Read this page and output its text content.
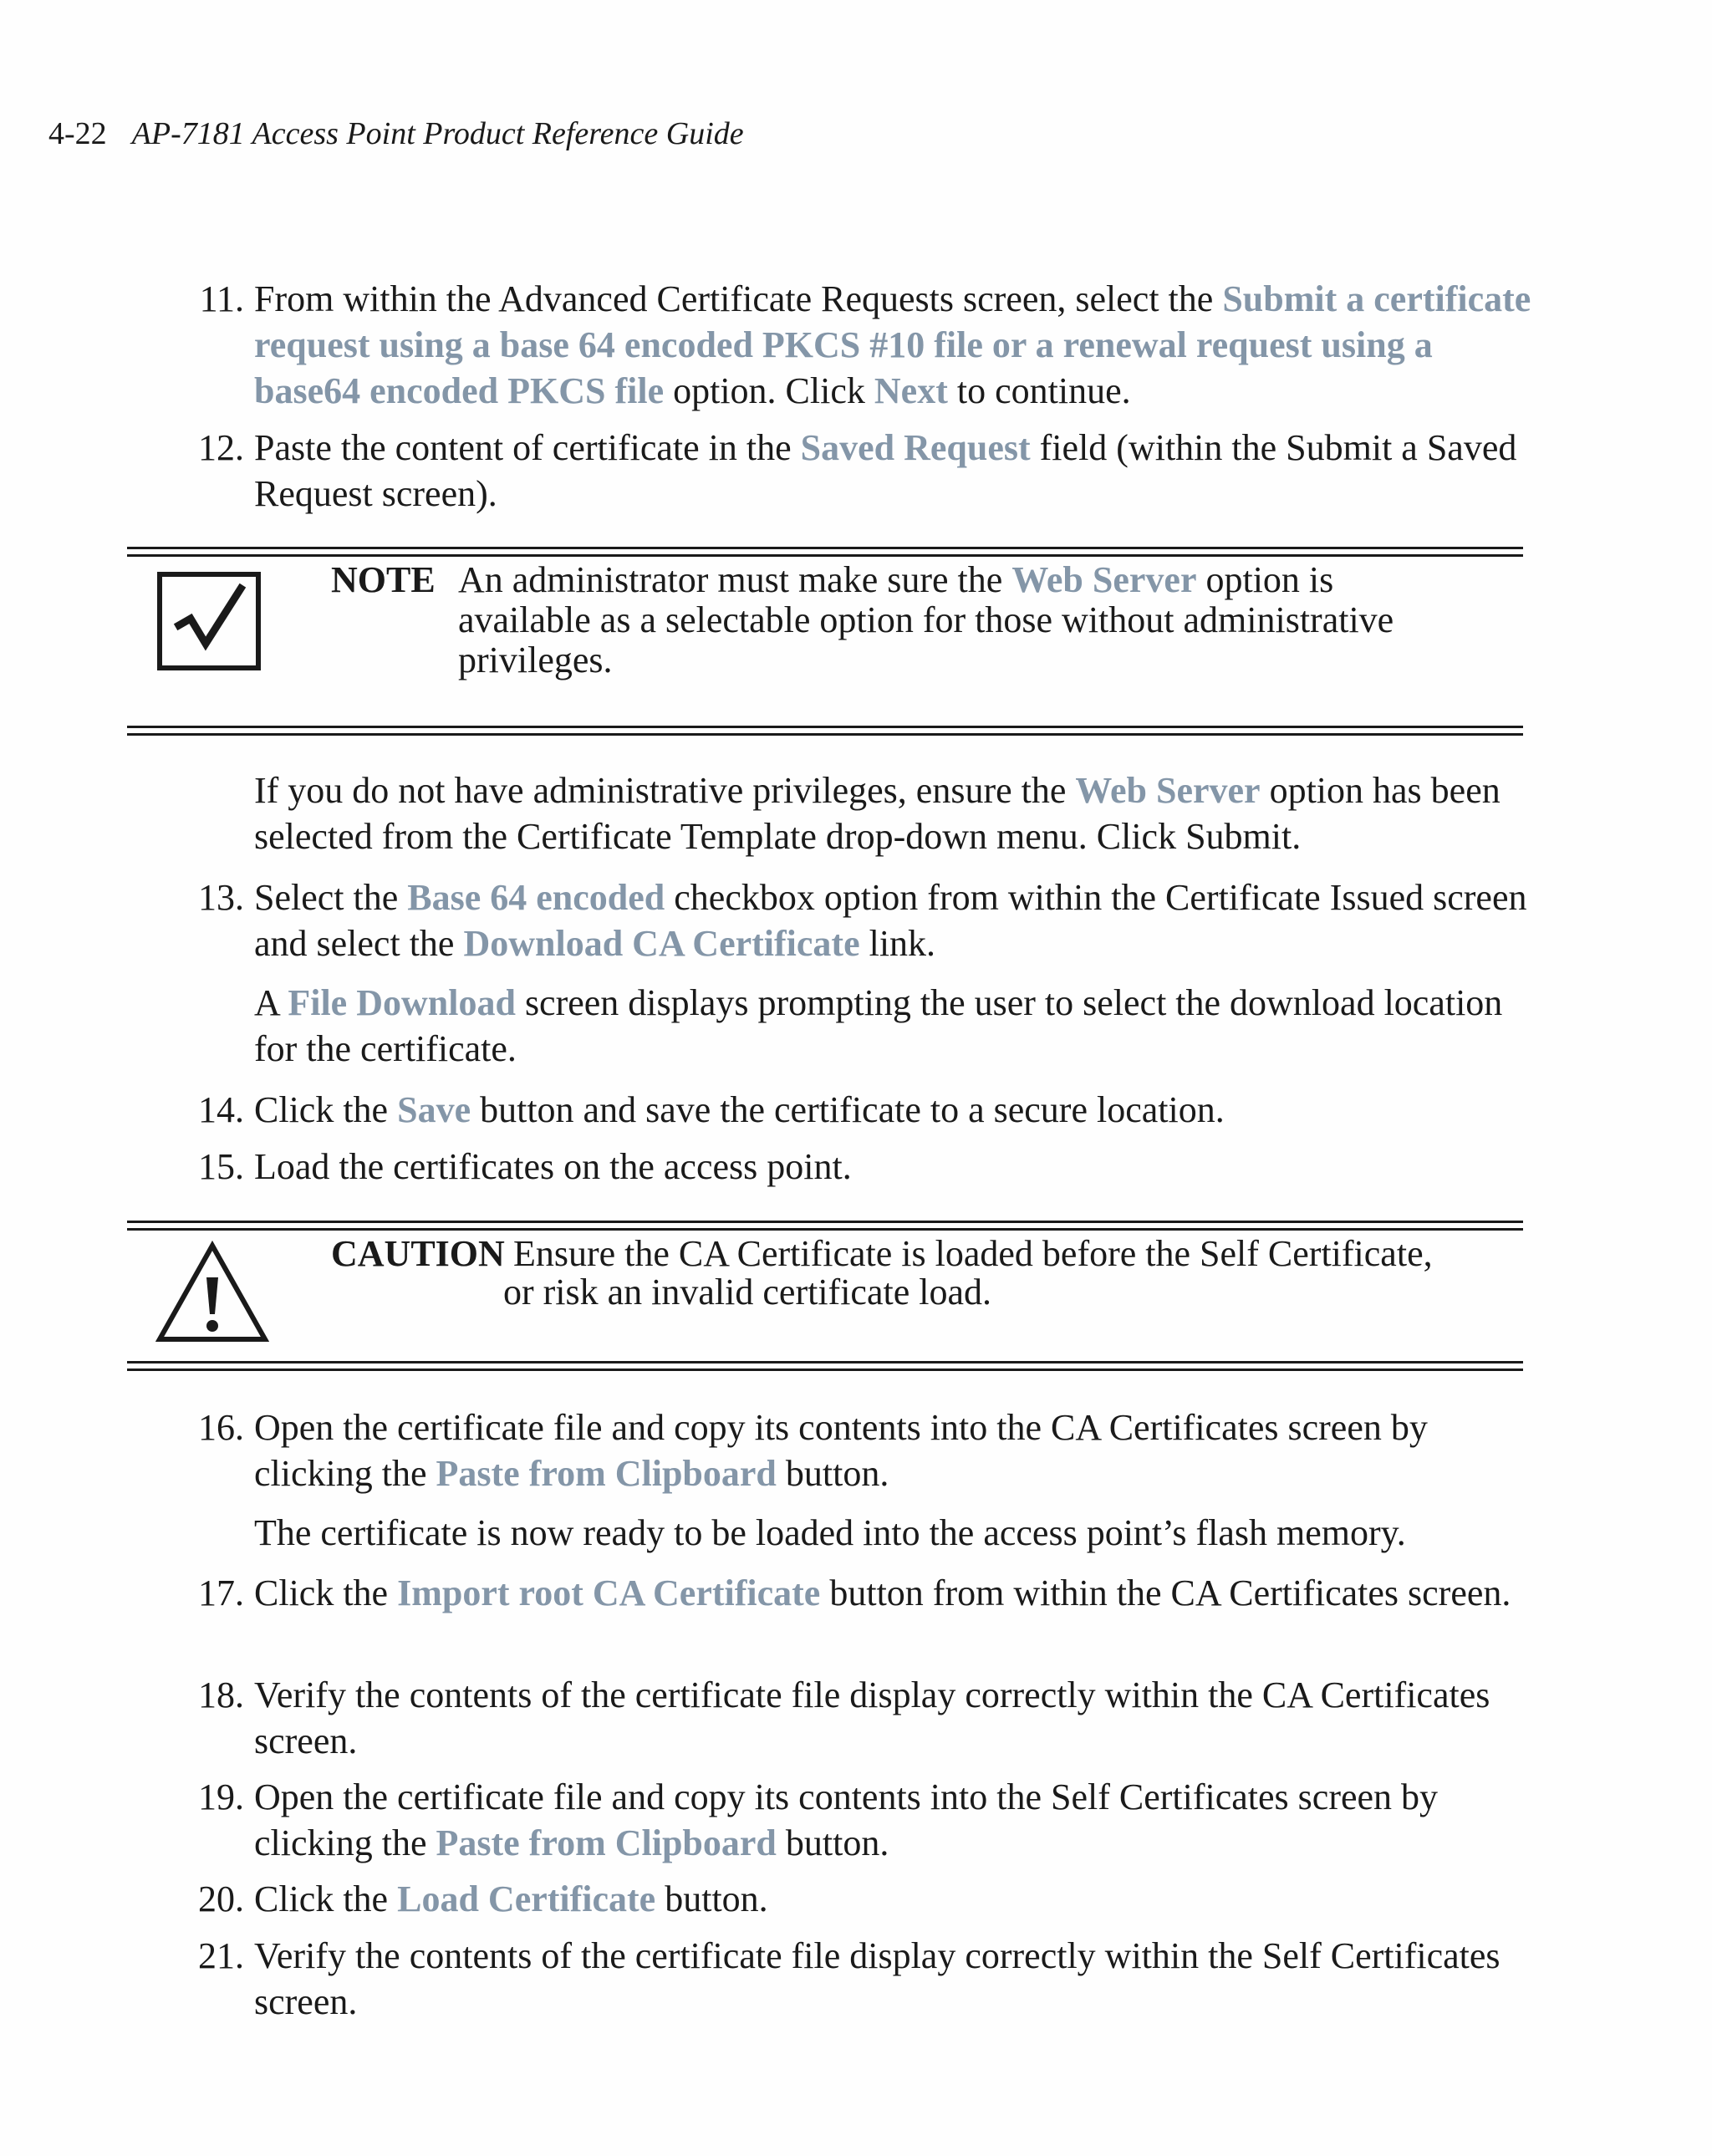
4-22 AP-7181 Access Point Product Reference Guide
11. From within the Advanced Certificate Requests screen, select the Submit a certificate request using a base 64 encoded PKCS #10 file or a renewal request using a base64 encoded PKCS file option. Click Next to continue.
12. Paste the content of certificate in the Saved Request field (within the Submit a Saved Request screen).
NOTE An administrator must make sure the Web Server option is available as a selectable option for those without administrative privileges.
If you do not have administrative privileges, ensure the Web Server option has been selected from the Certificate Template drop-down menu. Click Submit.
13. Select the Base 64 encoded checkbox option from within the Certificate Issued screen and select the Download CA Certificate link.
A File Download screen displays prompting the user to select the download location for the certificate.
14. Click the Save button and save the certificate to a secure location.
15. Load the certificates on the access point.
CAUTION Ensure the CA Certificate is loaded before the Self Certificate,
or risk an invalid certificate load.
16. Open the certificate file and copy its contents into the CA Certificates screen by clicking the Paste from Clipboard button.
The certificate is now ready to be loaded into the access point’s flash memory.
17. Click the Import root CA Certificate button from within the CA Certificates screen.
18. Verify the contents of the certificate file display correctly within the CA Certificates screen.
19. Open the certificate file and copy its contents into the Self Certificates screen by clicking the Paste from Clipboard button.
20. Click the Load Certificate button.
21. Verify the contents of the certificate file display correctly within the Self Certificates screen.
